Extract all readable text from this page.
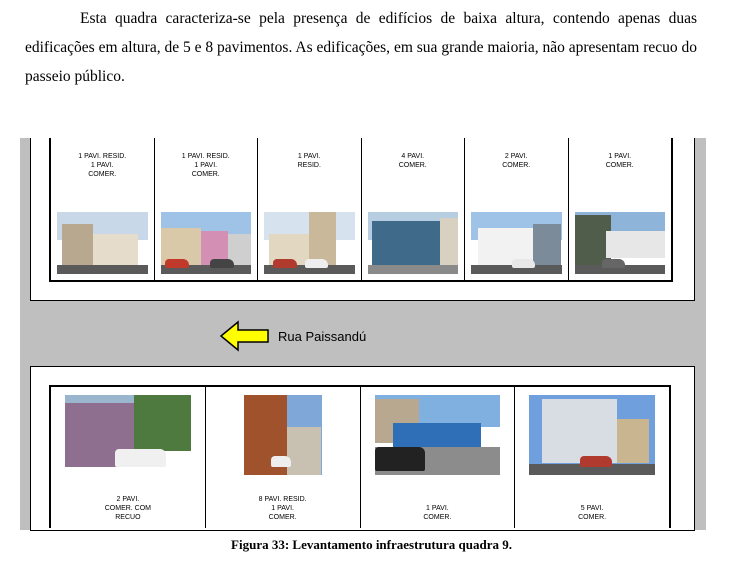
Esta quadra caracteriza-se pela presença de edifícios de baixa altura, contendo apenas duas edificações em altura, de 5 e 8 pavimentos. As edificações, em sua grande maioria, não apresentam recuo do passeio público.

1 PAVI. RESID.
1 PAVI.
COMER.
1 PAVI. RESID.
1 PAVI.
COMER.
1 PAVI.
RESID.
4 PAVI.
COMER.
2 PAVI.
COMER.
1 PAVI.
COMER.
Rua Paissandú
2 PAVI.
COMER. COM
RECUO
8 PAVI. RESID.
1 PAVI.
COMER.
1 PAVI.
COMER.
5 PAVI.
COMER.
Figura 33: Levantamento infraestrutura quadra 9.
